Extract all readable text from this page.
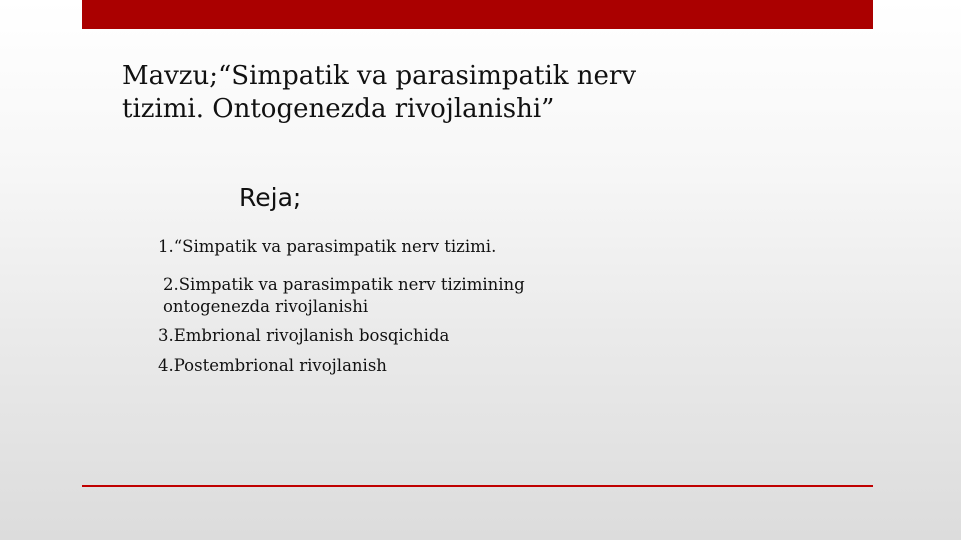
Mavzu;“Simpatik va parasimpatik nerv
tizimi. Ontogenezda rivojlanishi”
Reja;
1.“Simpatik va parasimpatik nerv tizimi.
2.Simpatik va parasimpatik nerv tizimining
ontogenezda rivojlanishi
3.Embrional rivojlanish bosqichida
4.Postembrional rivojlanish
